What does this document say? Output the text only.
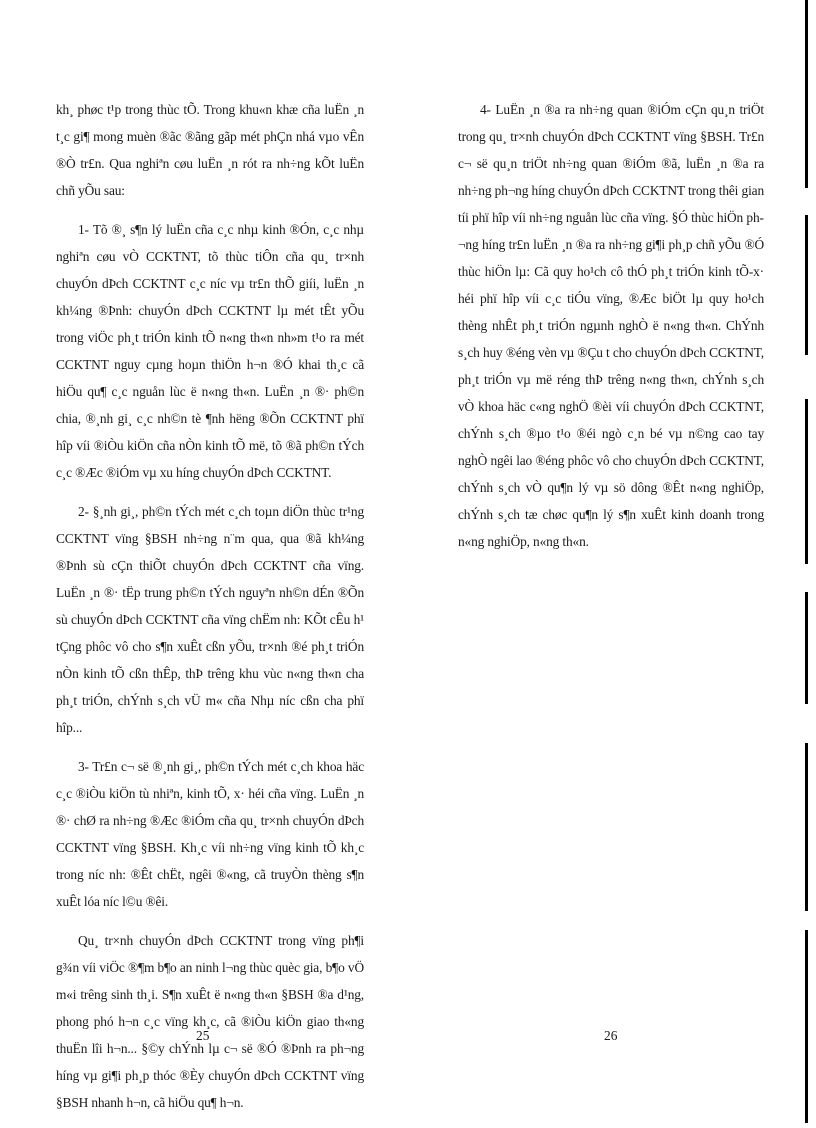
kh¸ phøc t¹p trong thùc tÕ. Trong khu«n khæ cña luËn ¸n t¸c gi¶ mong muèn ®ãc ®ãng gãp mét phÇn nhá vµo vÊn ®Ò tr£n. Qua nghiªn cøu luËn ¸n rót ra nh÷ng kÕt luËn chñ yÕu sau:

1- Tõ ®¸ s¶n lý luËn cña c¸c nhµ kinh ®Ón, c¸c nhµ nghiªn cøu vÒ CCKTNT, tõ thùc tiÔn cña qu¸ tr×nh chuyÓn dÞch CCKTNT c¸c níc vµ tr£n thÕ giíi, luËn ¸n kh¼ng ®Þnh: chuyÓn dÞch CCKTNT lµ mét tÊt yÕu trong viÖc ph¸t triÓn kinh tÕ n«ng th«n nh»m t¹o ra mét CCKTNT nguy cµng hoµn thiÖn h¬n ®Ó khai th¸c cã hiÖu qu¶ c¸c nguån lùc ë n«ng th«n. LuËn ¸n ®· ph©n chia, ®¸nh gi¸ c¸c nh©n tè ¶nh hëng ®Õn CCKTNT phï hîp víi ®iÒu kiÖn cña nÒn kinh tÕ më, tõ ®ã ph©n tÝch c¸c ®Æc ®iÓm vµ xu híng chuyÓn dÞch CCKTNT.

2- §¸nh gi¸, ph©n tÝch mét c¸ch toµn diÖn thùc tr¹ng CCKTNT vïng §BSH nh÷ng n¨m qua, qua ®ã kh¼ng ®Þnh sù cÇn thiÕt chuyÓn dÞch CCKTNT cña vïng. LuËn ¸n ®· tËp trung ph©n tÝch nguyªn nh©n dÉn ®Õn sù chuyÓn dÞch CCKTNT cña vïng chËm nh: KÕt cÊu h¹ tÇng phôc vô cho s¶n xuÊt cßn yÕu, tr×nh ®é ph¸t triÓn nÒn kinh tÕ cßn thÊp, thÞ trêng khu vùc n«ng th«n cha ph¸t triÓn, chÝnh s¸ch vÜ m« cña Nhµ níc cßn cha phï hîp...

3- Tr£n c¬ së ®¸nh gi¸, ph©n tÝch mét c¸ch khoa häc c¸c ®iÒu kiÖn tù nhiªn, kinh tÕ, x· héi cña vïng. LuËn ¸n ®· chØ ra nh÷ng ®Æc ®iÓm cña qu¸ tr×nh chuyÓn dÞch CCKTNT vïng §BSH. Kh¸c víi nh÷ng vïng kinh tÕ kh¸c trong níc nh: ®Êt chËt, ngêi ®«ng, cã truyÒn thèng s¶n xuÊt lóa níc l©u ®êi.

Qu¸ tr×nh chuyÓn dÞch CCKTNT trong vïng ph¶i g¾n víi viÖc ®¶m b¶o an ninh l¬ng thùc quèc gia, b¶o vÖ m«i trêng sinh th¸i. S¶n xuÊt ë n«ng th«n §BSH ®a d¹ng, phong phó h¬n c¸c vïng kh¸c, cã ®iÒu kiÖn giao th«ng thuËn lîi h¬n... §©y chÝnh lµ c¬ së ®Ó ®Þnh ra ph¬ng híng vµ gi¶i ph¸p thóc ®Èy chuyÓn dÞch CCKTNT vïng §BSH nhanh h¬n, cã hiÖu qu¶ h¬n.

4- LuËn ¸n ®a ra nh÷ng quan ®iÓm cÇn qu¸n triÖt trong qu¸ tr×nh chuyÓn dÞch CCKTNT vïng §BSH. Tr£n c¬ së qu¸n triÖt nh÷ng quan ®iÓm ®ã, luËn ¸n ®a ra nh÷ng ph¬ng híng chuyÓn dÞch CCKTNT trong thêi gian tíi phï hîp víi nh÷ng nguån lùc cña vïng. §Ó thùc hiÖn ph¬ng híng tr£n luËn ¸n ®a ra nh÷ng gi¶i ph¸p chñ yÕu ®Ó thùc hiÖn lµ: Cã quy ho¹ch cô thÓ ph¸t triÓn kinh tÕ-x· héi phï hîp víi c¸c tiÓu vïng, ®Æc biÖt lµ quy ho¹ch thèng nhÊt ph¸t triÓn ngµnh nghÒ ë n«ng th«n. ChÝnh s¸ch huy ®éng vèn vµ ®Çu t cho chuyÓn dÞch CCKTNT, ph¸t triÓn vµ më réng thÞ trêng n«ng th«n, chÝnh s¸ch vÒ khoa häc c«ng nghÖ ®èi víi chuyÓn dÞch CCKTNT, chÝnh s¸ch ®µo t¹o ®éi ngò c¸n bé vµ n©ng cao tay nghÒ ngêi lao ®éng phôc vô cho chuyÓn dÞch CCKTNT, chÝnh s¸ch vÒ qu¶n lý vµ sö dông ®Êt n«ng nghiÖp, chÝnh s¸ch tæ chøc qu¶n lý s¶n xuÊt kinh doanh trong n«ng nghiÖp, n«ng th«n.

25	26
